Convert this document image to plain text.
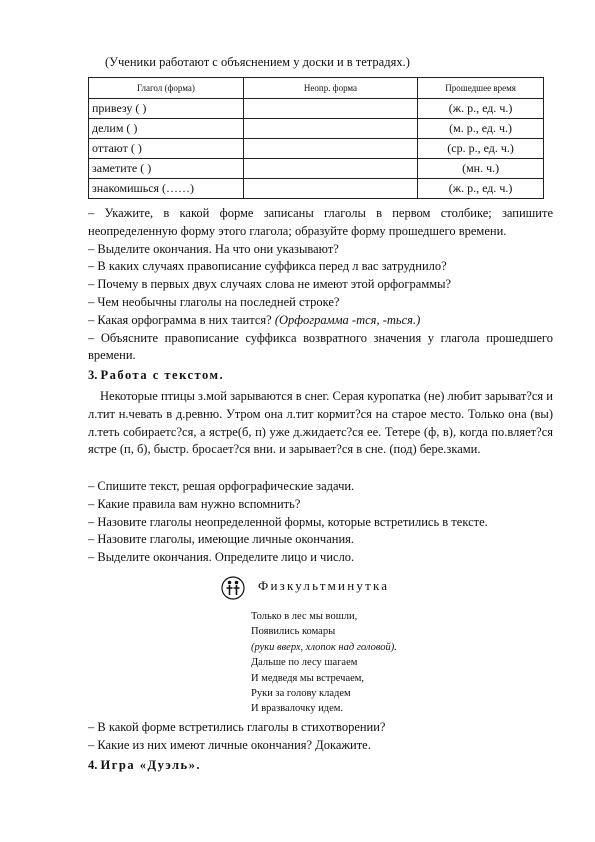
(Ученики работают с объяснением у доски и в тетрадях.)
Глагол (форма)	Неопр. форма	Прошедшее время
привезу ( )		(ж. р., ед. ч.)
делим ( )		(м. р., ед. ч.)
оттают ( )		(ср. р., ед. ч.)
заметите ( )		(мн. ч.)
знакомишься (……)		(ж. р., ед. ч.)

– Укажите, в какой форме записаны глаголы в первом столбике; запишите неопределенную форму этого глагола; образуйте форму прошедшего времени.

– Выделите окончания. На что они указывают?

– В каких случаях правописание суффикса перед л вас затруднило?

– Почему в первых двух случаях слова не имеют этой орфограммы?

– Чем необычны глаголы на последней строке?

– Какая орфограмма в них таится? (Орфограмма -тся, -ться.)

– Объясните правописание суффикса возвратного значения у глагола прошедшего времени.

3. Работа с текстом.

Некоторые птицы з.мой зарываются в снег. Серая куропатка (не) любит зарыват?ся и л.тит н.чевать в д.ревню. Утром она л.тит кормит?ся на старое место. Только она (вы) л.теть собираетс?ся, а ястре(б, п) уже д.жидаетс?ся ее. Тетере (ф, в), когда по.вляет?ся ястре (п, б), быстр. бросает?ся вни. и зарывает?ся в сне. (под) бере.зками.

– Спишите текст, решая орфографические задачи.

– Какие правила вам нужно вспомнить?

– Назовите глаголы неопределенной формы, которые встретились в тексте.

– Назовите глаголы, имеющие личные окончания.

– Выделите окончания. Определите лицо и число.

Физкультминутка

Только в лес мы вошли,

Появились комары

(руки вверх, хлопок над головой).

Дальше по лесу шагаем

И медведя мы встречаем,

Руки за голову кладем

И вразвалочку идем.

– В какой форме встретились глаголы в стихотворении?

– Какие из них имеют личные окончания? Докажите.

4. Игра «Дуэль».
